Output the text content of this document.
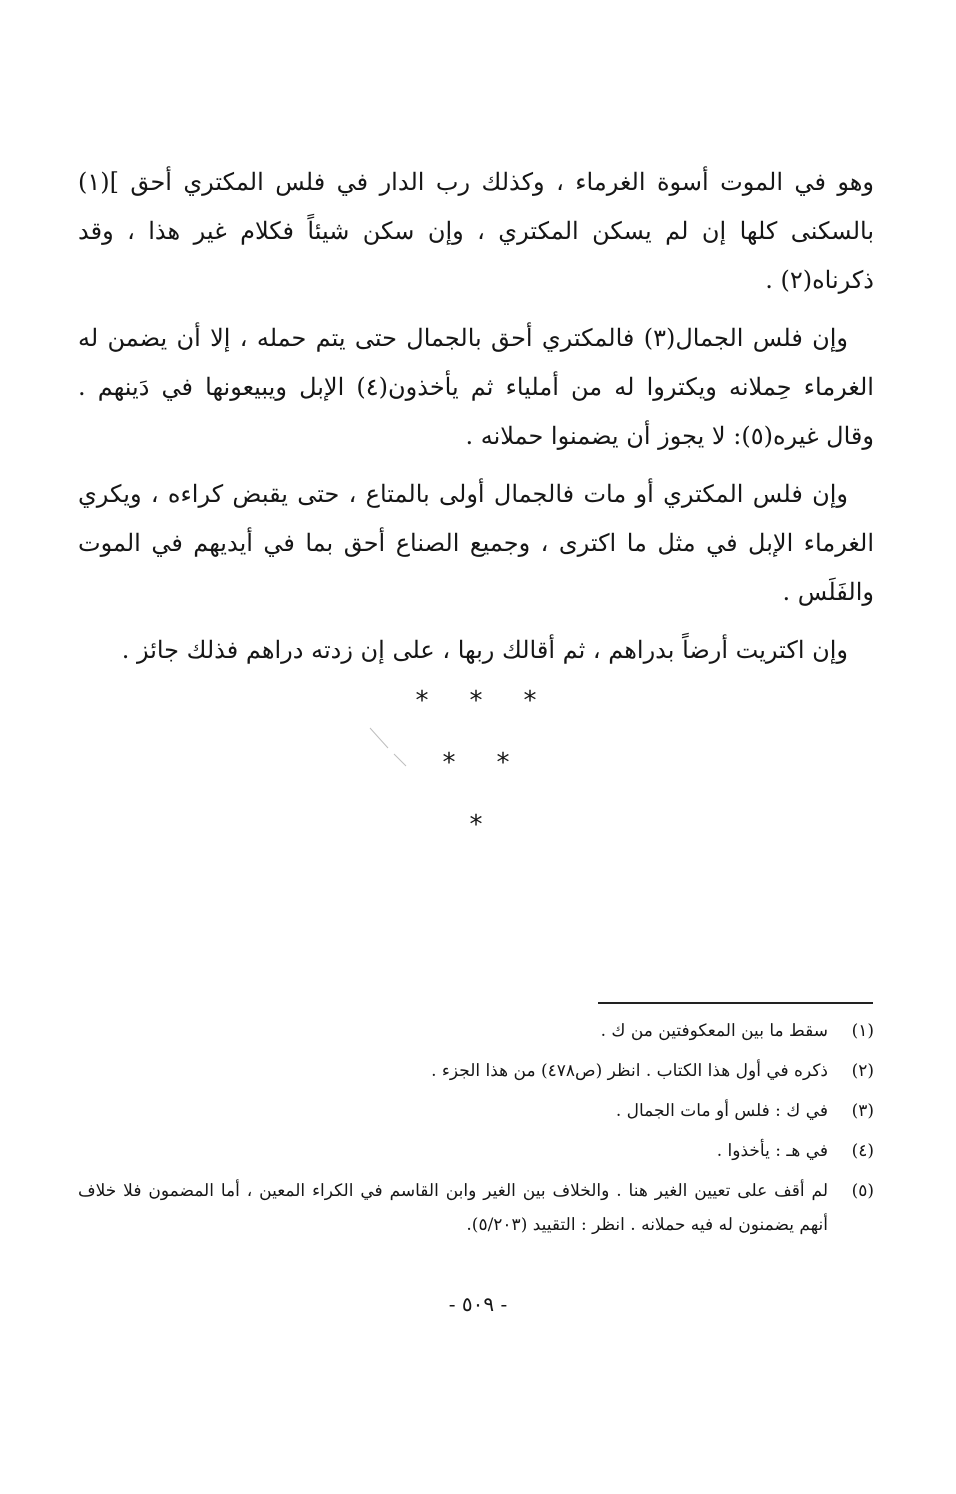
وهو في الموت أسوة الغرماء ، وكذلك رب الدار في فلس المكتري أحق ](١) بالسكنى كلها إن لم يسكن المكتري ، وإن سكن شيئاً فكلام غير هذا ، وقد ذكرناه(٢) .

وإن فلس الجمال(٣) فالمكتري أحق بالجمال حتى يتم حمله ، إلا أن يضمن له الغرماء حِملانه ويكتروا له من أملياء ثم يأخذون(٤) الإبل ويبيعونها في دَينهم . وقال غيره(٥): لا يجوز أن يضمنوا حملانه .

وإن فلس المكتري أو مات فالجمال أولى بالمتاع ، حتى يقبض كراءه ، ويكري الغرماء الإبل في مثل ما اكترى ، وجميع الصناع أحق بما في أيديهم في الموت والفَلَس .

وإن اكتريت أرضاً بدراهم ، ثم أقالك ربها ، على إن زدته دراهم فذلك جائز .

* * *
* *
*
(١)
سقط ما بين المعكوفتين من ك .
(٢)
ذكره في أول هذا الكتاب . انظر (ص٤٧٨) من هذا الجزء .
(٣)
في ك : فلس أو مات الجمال .
(٤)
في هـ : يأخذوا .
(٥)
لم أقف على تعيين الغير هنا . والخلاف بين الغير وابن القاسم في الكراء المعين ، أما المضمون فلا خلاف أنهم يضمنون له فيه حملانه . انظر : التقييد (٥/٢٠٣).
- ٥٠٩ -
